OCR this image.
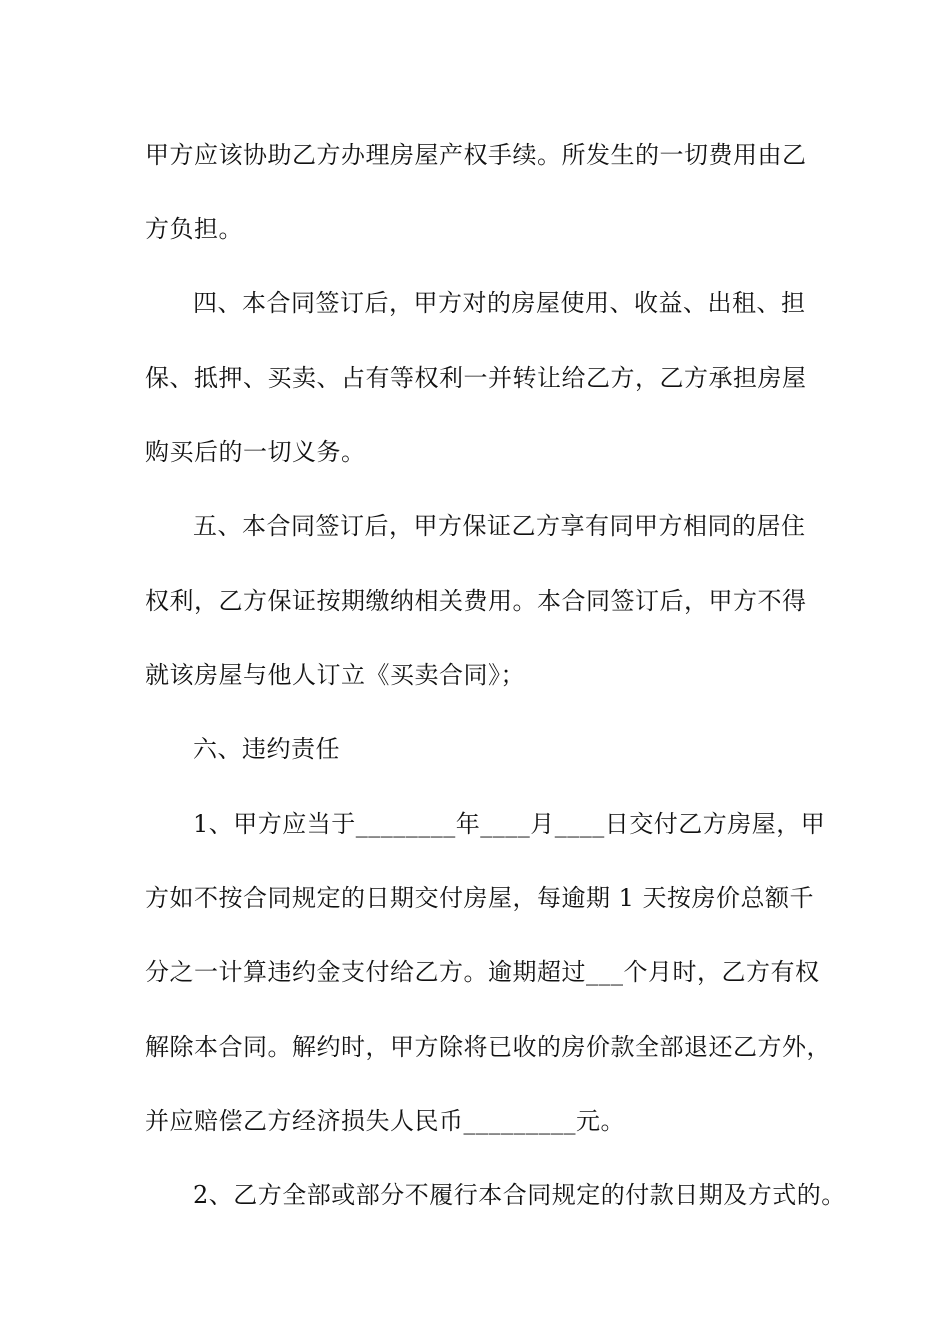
甲方应该协助乙方办理房屋产权手续。所发生的一切费用由乙
方负担。
四、本合同签订后，甲方对的房屋使用、收益、出租、担
保、抵押、买卖、占有等权利一并转让给乙方，乙方承担房屋
购买后的一切义务。
五、本合同签订后，甲方保证乙方享有同甲方相同的居住
权利，乙方保证按期缴纳相关费用。本合同签订后，甲方不得
就该房屋与他人订立《买卖合同》；
六、违约责任
1、甲方应当于________年____月____日交付乙方房屋，甲
方如不按合同规定的日期交付房屋，每逾期 1 天按房价总额千
分之一计算违约金支付给乙方。逾期超过___个月时，乙方有权
解除本合同。解约时，甲方除将已收的房价款全部退还乙方外，
并应赔偿乙方经济损失人民币_________元。
2、乙方全部或部分不履行本合同规定的付款日期及方式的。
